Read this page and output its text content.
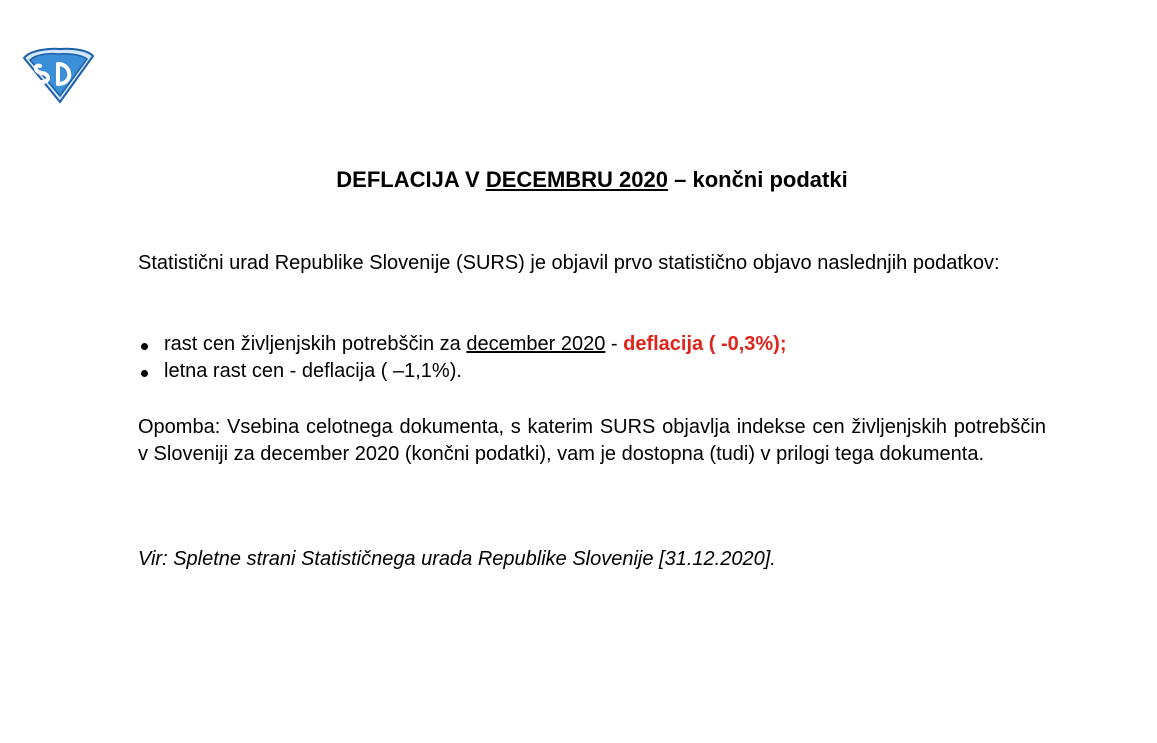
DEFLACIJA V DECEMBRU 2020 – končni podatki

Statistični urad Republike Slovenije (SURS) je objavil prvo statistično objavo naslednjih podatkov:

rast cen življenjskih potrebščin za december 2020 - deflacija ( -0,3%);
letna rast cen - deflacija ( –1,1%).

Opomba: Vsebina celotnega dokumenta, s katerim SURS objavlja indekse cen življenjskih potrebščin v Sloveniji za december 2020 (končni podatki), vam je dostopna (tudi) v prilogi tega dokumenta.

Vir: Spletne strani Statističnega urada Republike Slovenije [31.12.2020].
